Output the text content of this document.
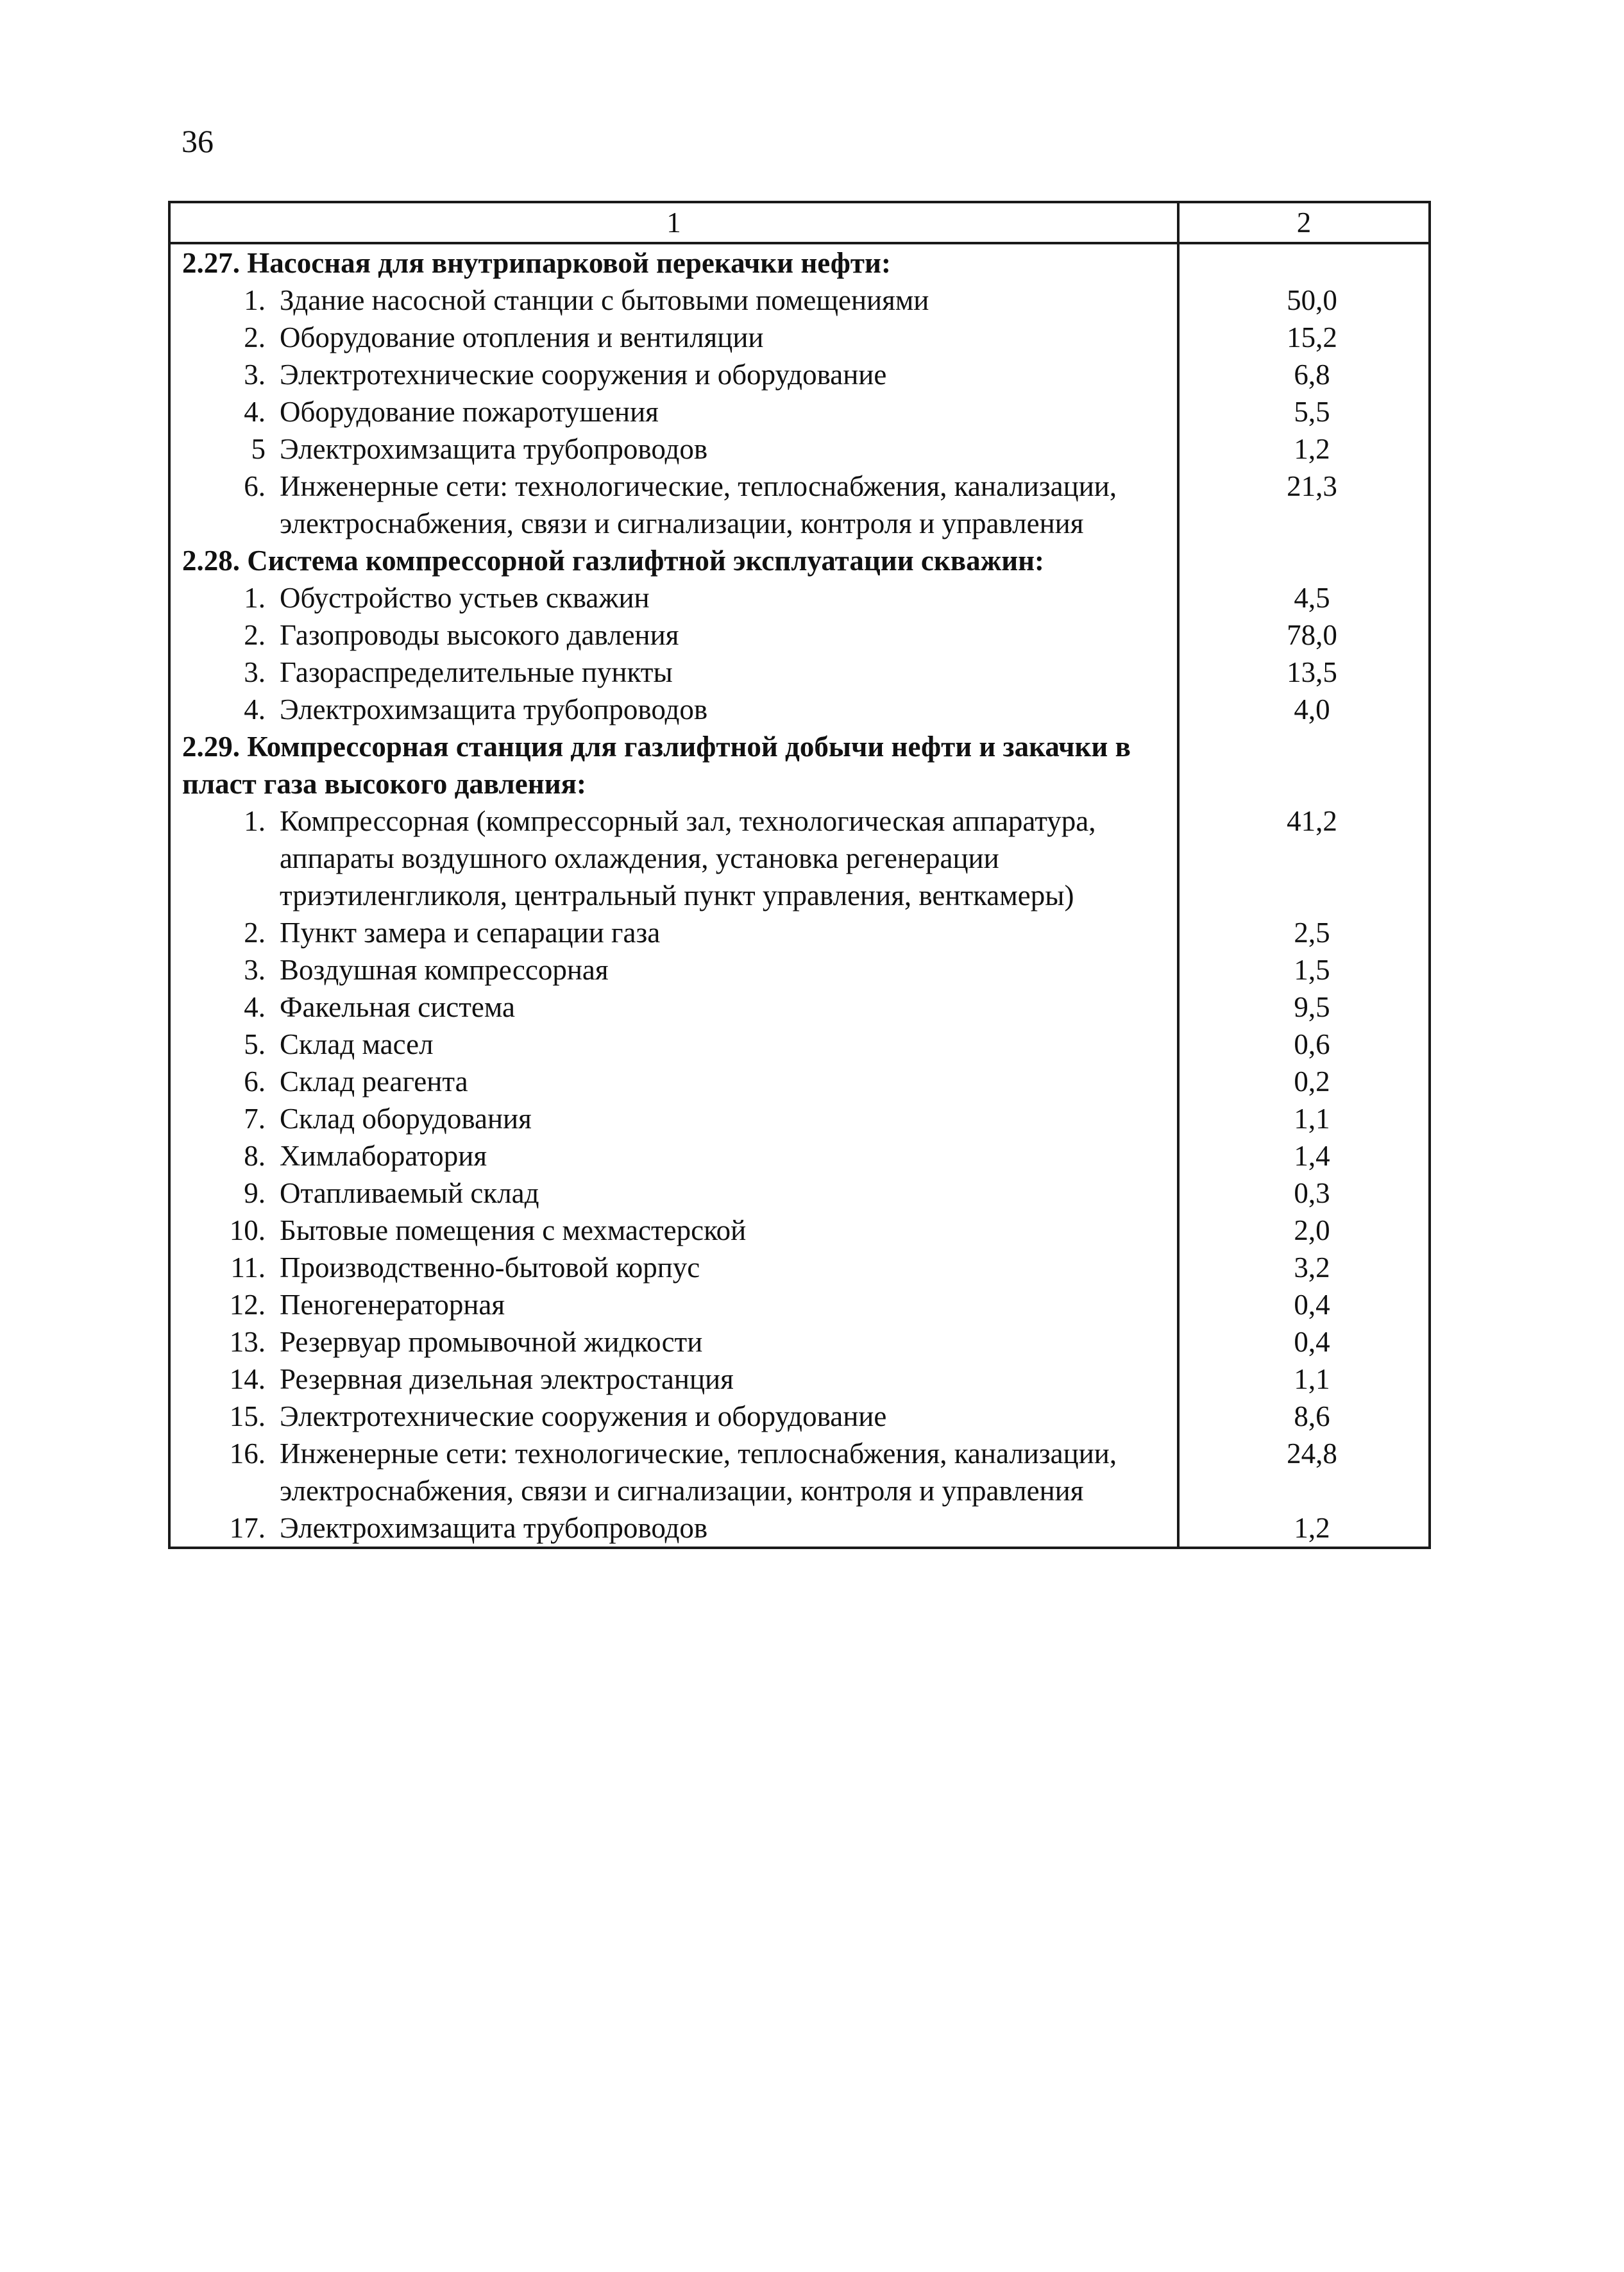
36
1	2

2.27. Насосная для внутрипарковой перекачки нефти:	

1. Здание насосной станции с бытовыми помещениями	50,0

2. Оборудование отопления и вентиляции	15,2

3. Электротехнические сооружения и оборудование	6,8

4. Оборудование пожаротушения	5,5

5 Электрохимзащита трубопроводов	1,2

6. Инженерные сети: технологические, теплоснабжения, канализации, электроснабжения, связи и сигнализации, контроля и управления	21,3

2.28. Система компрессорной газлифтной эксплуатации скважин:	

1. Обустройство устьев скважин	4,5

2. Газопроводы высокого давления	78,0

3. Газораспределительные пункты	13,5

4. Электрохимзащита трубопроводов	4,0

2.29. Компрессорная станция для газлифтной добычи нефти и закачки в пласт газа высокого давления:	

1. Компрессорная (компрессорный зал, технологическая аппаратура, аппараты воздушного охлаждения, установка регенерации триэтиленгликоля, центральный пункт управления, венткамеры)	41,2

2. Пункт замера и сепарации газа	2,5

3. Воздушная компрессорная	1,5

4. Факельная система	9,5

5. Склад масел	0,6

6. Склад реагента	0,2

7. Склад оборудования	1,1

8. Химлаборатория	1,4

9. Отапливаемый склад	0,3

10. Бытовые помещения с мехмастерской	2,0

11. Производственно-бытовой корпус	3,2

12. Пеногенераторная	0,4

13. Резервуар промывочной жидкости	0,4

14. Резервная дизельная электростанция	1,1

15. Электротехнические сооружения и оборудование	8,6

16. Инженерные сети: технологические, теплоснабжения, канализации, электроснабжения, связи и сигнализации, контроля и управления	24,8

17. Электрохимзащита трубопроводов	1,2
